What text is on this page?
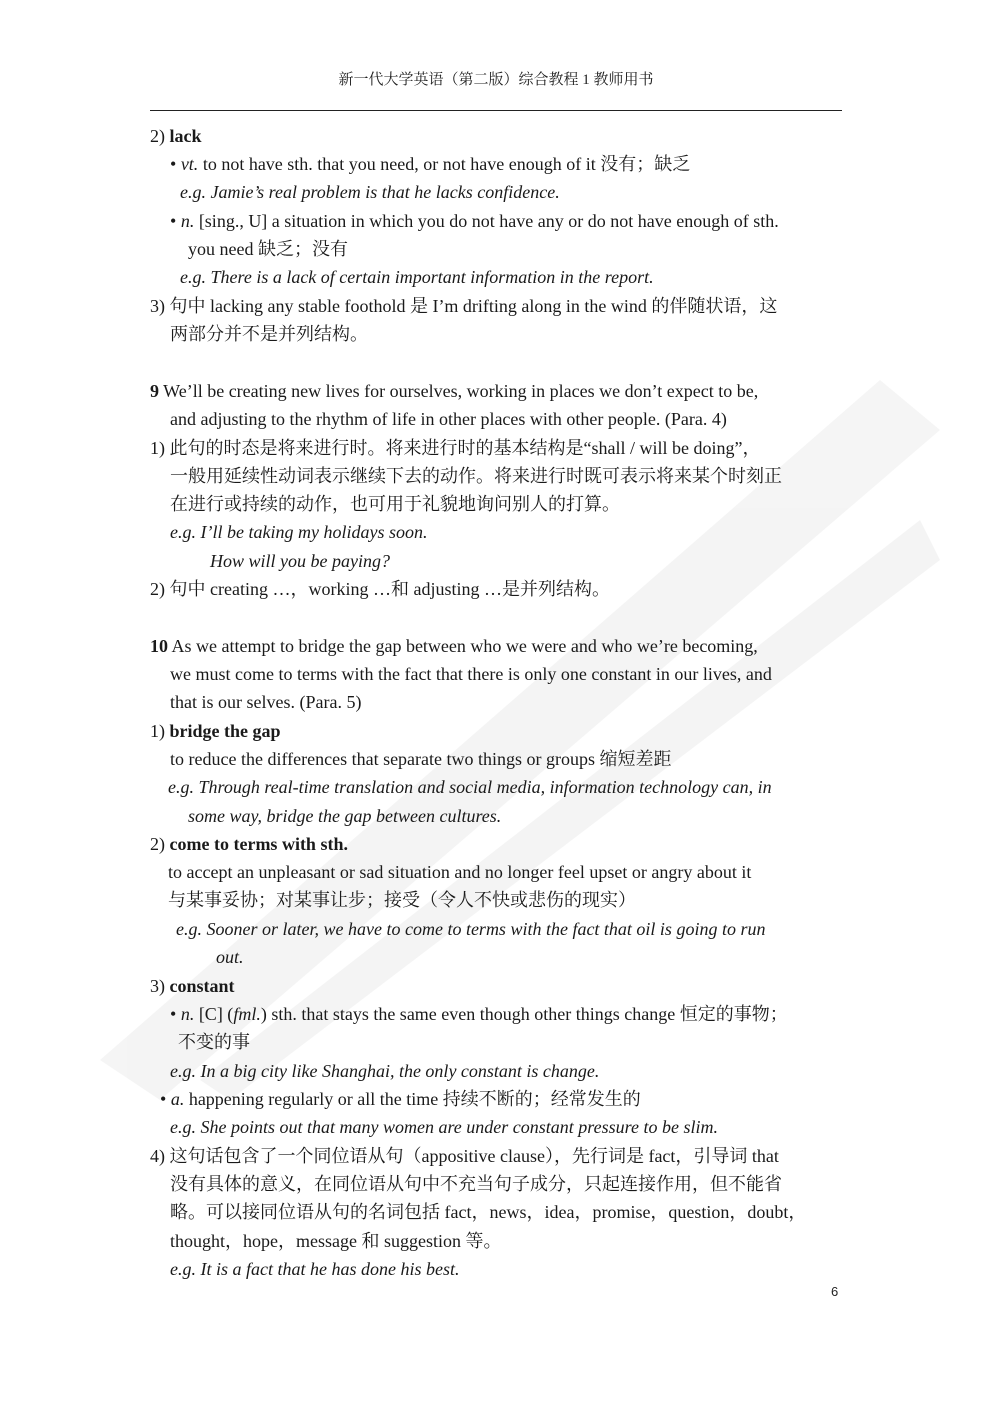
新一代大学英语（第二版）综合教程 1 教师用书
2) lack
• vt. to not have sth. that you need, or not have enough of it 没有；缺乏
e.g. Jamie’s real problem is that he lacks confidence.
• n. [sing., U] a situation in which you do not have any or do not have enough of sth.
you need 缺乏；没有
e.g. There is a lack of certain important information in the report.
3) 句中 lacking any stable foothold 是 I’m drifting along in the wind 的伴随状语，这
两部分并不是并列结构。
9 We’ll be creating new lives for ourselves, working in places we don’t expect to be,
and adjusting to the rhythm of life in other places with other people. (Para. 4)
1) 此句的时态是将来进行时。将来进行时的基本结构是“shall / will be doing”，
一般用延续性动词表示继续下去的动作。将来进行时既可表示将来某个时刻正
在进行或持续的动作，也可用于礼貌地询问别人的打算。
e.g. I’ll be taking my holidays soon.
How will you be paying?
2) 句中 creating …，working …和 adjusting …是并列结构。
10 As we attempt to bridge the gap between who we were and who we’re becoming,
we must come to terms with the fact that there is only one constant in our lives, and
that is our selves. (Para. 5)
1) bridge the gap
to reduce the differences that separate two things or groups 缩短差距
e.g. Through real-time translation and social media, information technology can, in
some way, bridge the gap between cultures.
2) come to terms with sth.
to accept an unpleasant or sad situation and no longer feel upset or angry about it
与某事妥协；对某事让步；接受（令人不快或悲伤的现实）
e.g. Sooner or later, we have to come to terms with the fact that oil is going to run
out.
3) constant
• n. [C] (fml.) sth. that stays the same even though other things change 恒定的事物；
不变的事
e.g. In a big city like Shanghai, the only constant is change.
• a. happening regularly or all the time 持续不断的；经常发生的
e.g. She points out that many women are under constant pressure to be slim.
4) 这句话包含了一个同位语从句（appositive clause），先行词是 fact，引导词 that
没有具体的意义，在同位语从句中不充当句子成分，只起连接作用，但不能省
略。可以接同位语从句的名词包括 fact，news，idea，promise，question，doubt，
thought，hope，message 和 suggestion 等。
e.g. It is a fact that he has done his best.
6
